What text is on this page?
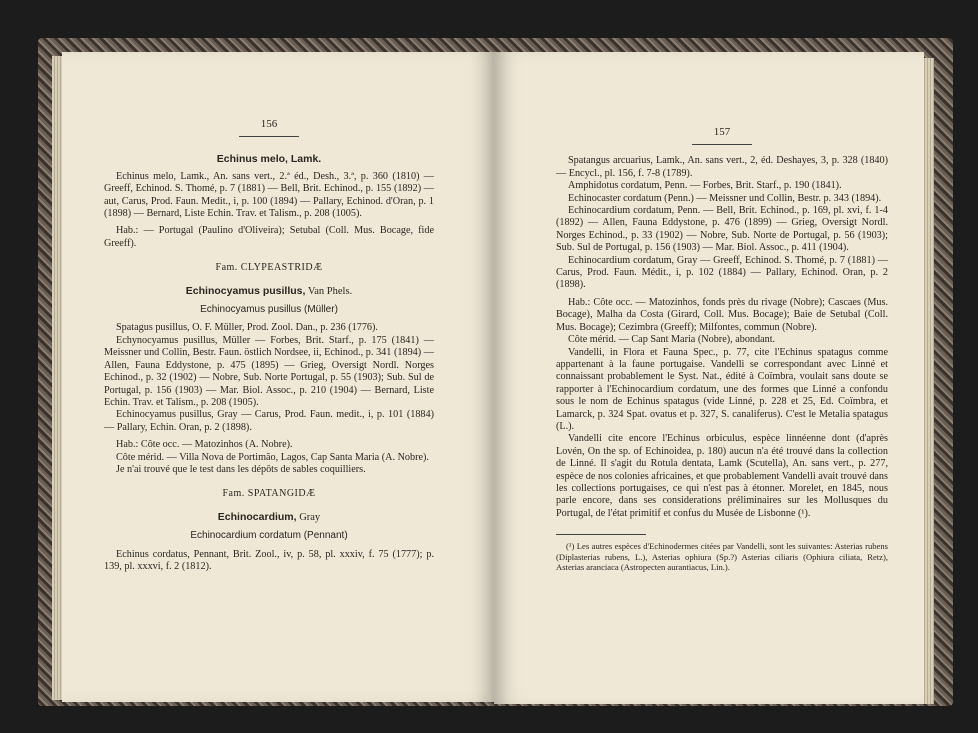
156
Echinus melo, Lamk.

Echinus melo, Lamk., An. sans vert., 2.ª éd., Desh., 3.ª, p. 360 (1810) — Greeff, Echinod. S. Thomé, p. 7 (1881) — Bell, Brit. Echinod., p. 155 (1892) — aut, Carus, Prod. Faun. Medit., i, p. 100 (1894) — Pallary, Echinod. d'Oran, p. 1 (1898) — Bernard, Liste Echin. Trav. et Talism., p. 208 (1005).

Hab.: — Portugal (Paulino d'Oliveira); Setubal (Coll. Mus. Bocage, fide Greeff).

Fam. CLYPEASTRIDÆ
Echinocyamus pusillus, Van Phels.
Echinocyamus pusillus (Müller)

Spatagus pusillus, O. F. Müller, Prod. Zool. Dan., p. 236 (1776).

Echynocyamus pusillus, Müller — Forbes, Brit. Starf., p. 175 (1841) — Meissner und Collin, Bestr. Faun. östlich Nordsee, ii, Echinod., p. 341 (1894) — Allen, Fauna Eddystone, p. 475 (1895) — Grieg, Oversigt Nordl. Norges Echinod., p. 32 (1902) — Nobre, Sub. Norte Portugal, p. 55 (1903); Sub. Sul de Portugal, p. 156 (1903) — Mar. Biol. Assoc., p. 210 (1904) — Bernard, Liste Echin. Trav. et Talism., p. 208 (1905).

Echinocyamus pusillus, Gray — Carus, Prod. Faun. medit., i, p. 101 (1884) — Pallary, Echin. Oran, p. 2 (1898).

Hab.: Côte occ. — Matozinhos (A. Nobre).

Côte mérid. — Villa Nova de Portimão, Lagos, Cap Santa Maria (A. Nobre).

Je n'ai trouvé que le test dans les dépôts de sables coquilliers.

Fam. SPATANGIDÆ
Echinocardium, Gray
Echinocardium cordatum (Pennant)

Echinus cordatus, Pennant, Brit. Zool., iv, p. 58, pl. xxxiv, f. 75 (1777); p. 139, pl. xxxvi, f. 2 (1812).

157

Spatangus arcuarius, Lamk., An. sans vert., 2, éd. Deshayes, 3, p. 328 (1840) — Encycl., pl. 156, f. 7-8 (1789).

Amphidotus cordatum, Penn. — Forbes, Brit. Starf., p. 190 (1841).

Echinocaster cordatum (Penn.) — Meissner und Collin, Bestr. p. 343 (1894).

Echinocardium cordatum, Penn. — Bell, Brit. Echinod., p. 169, pl. xvi, f. 1-4 (1892) — Allen, Fauna Eddystone, p. 476 (1899) — Grieg, Oversigt Nordl. Norges Echinod., p. 33 (1902) — Nobre, Sub. Norte de Portugal, p. 56 (1903); Sub. Sul de Portugal, p. 156 (1903) — Mar. Biol. Assoc., p. 411 (1904).

Echinocardium cordatum, Gray — Greeff, Echinod. S. Thomé, p. 7 (1881) — Carus, Prod. Faun. Médit., i, p. 102 (1884) — Pallary, Echinod. Oran, p. 2 (1898).

Hab.: Côte occ. — Matozinhos, fonds près du rivage (Nobre); Cascaes (Mus. Bocage), Malha da Costa (Girard, Coll. Mus. Bocage); Baie de Setubal (Coll. Mus. Bocage); Cezimbra (Greeff); Milfontes, commun (Nobre).

Côte mérid. — Cap Sant Maria (Nobre), abondant.

Vandelli, in Flora et Fauna Spec., p. 77, cite l'Echinus spatagus comme appartenant à la faune portugaise. Vandelli se correspondant avec Linné et connaissant probablement le Syst. Nat., édité à Coïmbra, voulait sans doute se rapporter à l'Echinocardium cordatum, une des formes que Linné a confondu sous le nom de Echinus spatagus (vide Linné, p. 228 et 25, Ed. Coïmbra, et Lamarck, p. 324 Spat. ovatus et p. 327, S. canaliferus). C'est le Metalia spatagus (L.).

Vandelli cite encore l'Echinus orbiculus, espèce linnéenne dont (d'après Lovén, On the sp. of Echinoidea, p. 180) aucun n'a été trouvé dans la collection de Linné. Il s'agit du Rotula dentata, Lamk (Scutella), An. sans vert., p. 277, espèce de nos colonies africaines, et que probablement Vandelli avait trouvé dans les collections portugaises, ce qui n'est pas à étonner. Morelet, en 1845, nous parle encore, dans ses considerations préliminaires sur les Mollusques du Portugal, de l'état primitif et confus du Musée de Lisbonne (¹).

(¹) Les autres espèces d'Echinodermes citées par Vandelli, sont les suivantes: Asterias rubens (Diplasterias rubens, L.), Asterias ophiura (Sp.?) Asterias ciliaris (Ophiura ciliata, Retz), Asterias aranciaca (Astropecten aurantiacus, Lin.).
